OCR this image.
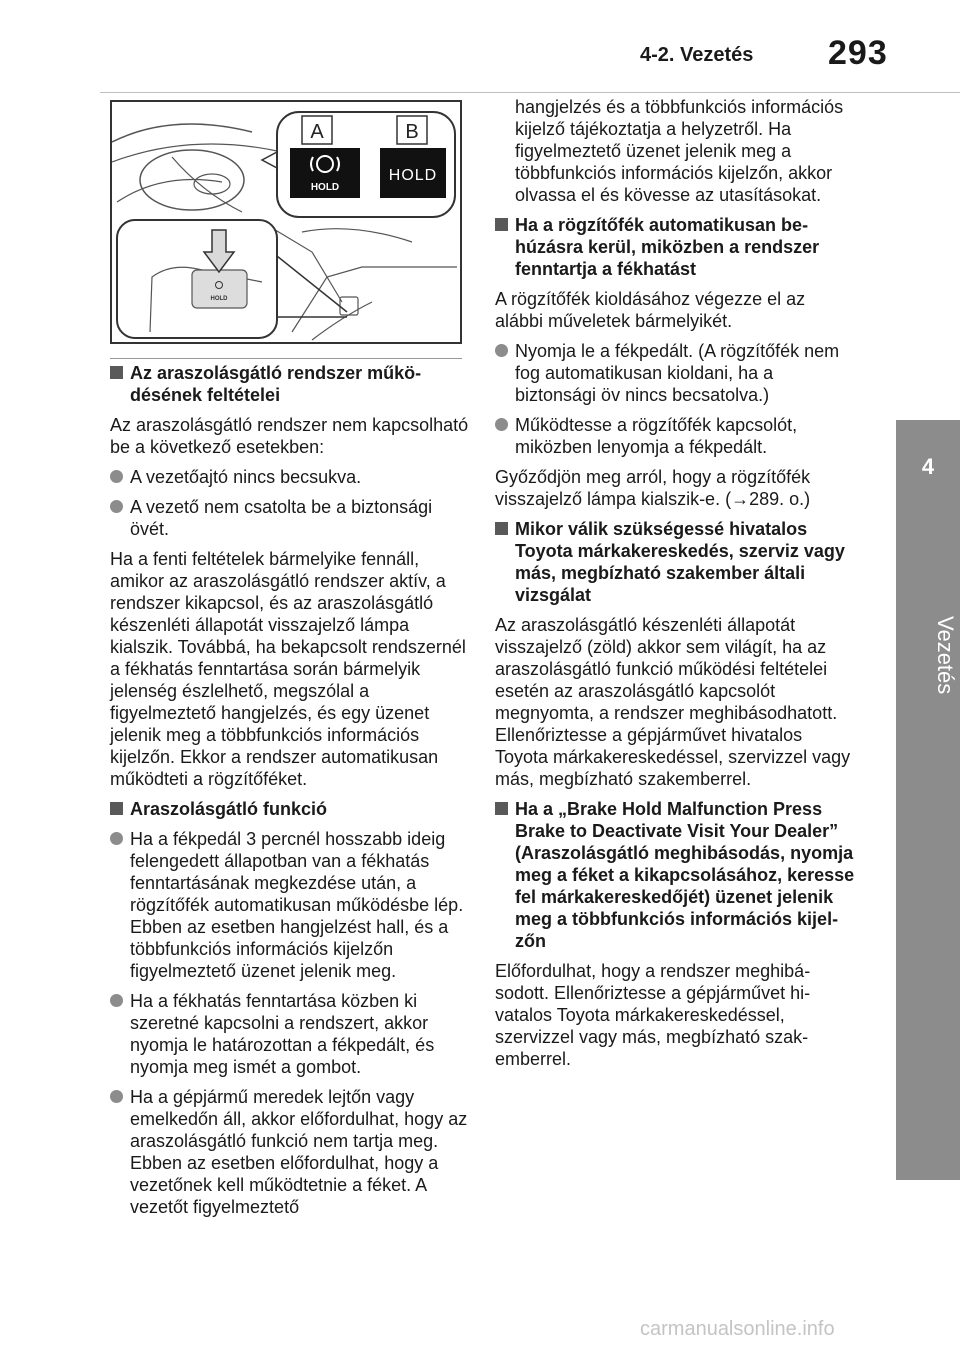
4-2. Vezetés 293
4
Vezetés
A	B
HOLD
HOLD
HOLD
Az araszolásgátló rendszer működésének feltételei
Az araszolásgátló rendszer nem kapcsolható be a következő esetekben:
A vezetőajtó nincs becsukva.
A vezető nem csatolta be a biztonsági övét.
Ha a fenti feltételek bármelyike fennáll, amikor az araszolásgátló rendszer aktív, a rendszer kikapcsol, és az araszolásgátló készenléti állapotát visszajelző lámpa kialszik. Továbbá, ha bekapcsolt rendszernél a fékhatás fenntartása során bármelyik jelenség észlelhető, megszólal a figyelmeztető hangjelzés, és egy üzenet jelenik meg a többfunkciós információs kijelzőn. Ekkor a rendszer automatikusan működteti a rögzítőféket.
Araszolásgátló funkció
Ha a fékpedál 3 percnél hosszabb ideig felengedett állapotban van a fékhatás fenntartásának megkezdése után, a rögzítőfék automatikusan működésbe lép. Ebben az esetben hangjelzést hall, és a többfunkciós információs kijelzőn figyelmeztető üzenet jelenik meg.
Ha a fékhatás fenntartása közben ki szeretné kapcsolni a rendszert, akkor nyomja le határozottan a fékpedált, és nyomja meg ismét a gombot.
Ha a gépjármű meredek lejtőn vagy emelkedőn áll, akkor előfordulhat, hogy az araszolásgátló funkció nem tartja meg. Ebben az esetben előfordulhat, hogy a vezetőnek kell működtetnie a féket. A vezetőt figyelmeztető
hangjelzés és a többfunkciós információs kijelző tájékoztatja a helyzetről. Ha figyelmeztető üzenet jelenik meg a többfunkciós információs kijelzőn, akkor olvassa el és kövesse az utasításokat.
Ha a rögzítőfék automatikusan behúzásra kerül, miközben a rendszer fenntartja a fékhatást
A rögzítőfék kioldásához végezze el az alábbi műveletek bármelyikét.
Nyomja le a fékpedált. (A rögzítőfék nem fog automatikusan kioldani, ha a biztonsági öv nincs becsatolva.)
Működtesse a rögzítőfék kapcsolót, miközben lenyomja a fékpedált.
Győződjön meg arról, hogy a rögzítőfék visszajelző lámpa kialszik-e. (→289. o.)
Mikor válik szükségessé hivatalos Toyota márkakereskedés, szerviz vagy más, megbízható szakember általi vizsgálat
Az araszolásgátló készenléti állapotát visszajelző (zöld) akkor sem világít, ha az araszolásgátló funkció működési feltételei esetén az araszolásgátló kapcsolót megnyomta, a rendszer meghibásodhatott. Ellenőriztesse a gépjárművet hivatalos Toyota márkakereskedéssel, szervizzel vagy más, megbízható szakemberrel.
Ha a „Brake Hold Malfunction Press Brake to Deactivate Visit Your Dealer” (Araszolásgátló meghibásodás, nyomja meg a féket a kikapcsolásához, keresse fel márkakereskedőjét) üzenet jelenik meg a többfunkciós információs kijelzőn
Előfordulhat, hogy a rendszer meghibásodott. Ellenőriztesse a gépjárművet hivatalos Toyota márkakereskedéssel, szervizzel vagy más, megbízható szakemberrel.
carmanualsonline.info
